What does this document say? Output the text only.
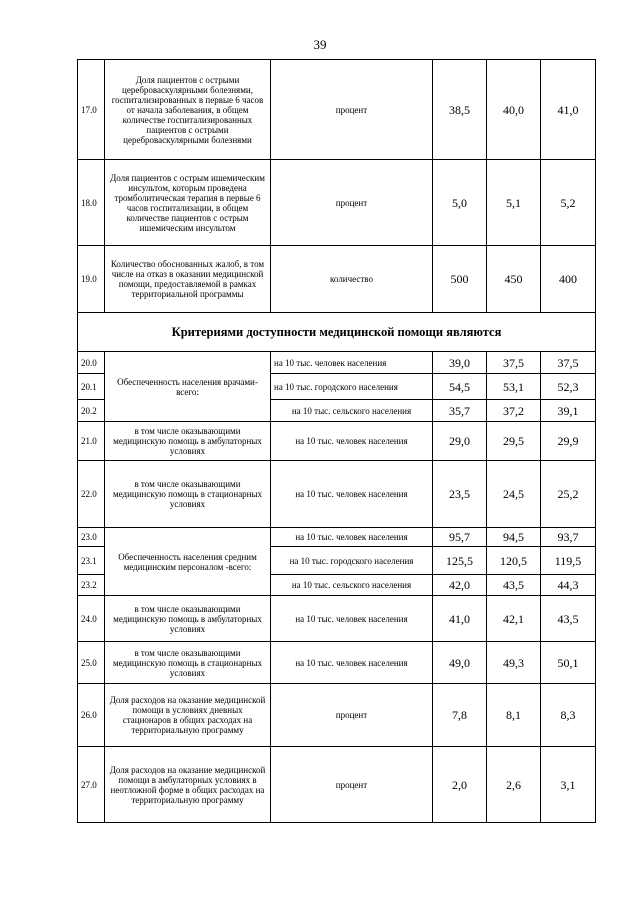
39
17.0	Доля пациентов с острыми цереброваскулярными болезнями, госпитализированных в первые 6 часов от начала заболевания, в общем количестве госпитализированных пациентов с острыми цереброваскулярными болезнями	процент	38,5	40,0	41,0
18.0	Доля пациентов с острым ишемическим инсультом, которым проведена тромболитическая терапия в первые 6 часов госпитализации, в общем количестве пациентов с острым ишемическим инсультом	процент	5,0	5,1	5,2
19.0	Количество обоснованных жалоб, в том числе на отказ в оказании медицинской помощи, предоставляемой в рамках территориальной программы	количество	500	450	400
Критериями доступности медицинской помощи являются					
20.0	Обеспеченность населения врачами-всего:	на 10 тыс. человек населения	39,0	37,5	37,5
20.1		на 10 тыс. городского населения	54,5	53,1	52,3
20.2		на 10 тыс. сельского населения	35,7	37,2	39,1
21.0	в том числе оказывающими медицинскую помощь в амбулаторных условиях	на 10 тыс. человек населения	29,0	29,5	29,9
22.0	в том числе оказывающими медицинскую помощь в стационарных условиях	на 10 тыс. человек населения	23,5	24,5	25,2
23.0	Обеспеченность населения средним медицинским персоналом -всего:	на 10 тыс. человек населения	95,7	94,5	93,7
23.1		на 10 тыс. городского населения	125,5	120,5	119,5
23.2		на 10 тыс. сельского населения	42,0	43,5	44,3
24.0	в том числе оказывающими медицинскую помощь в амбулаторных условиях	на 10 тыс. человек населения	41,0	42,1	43,5
25.0	в том числе оказывающими медицинскую помощь в стационарных условиях	на 10 тыс. человек населения	49,0	49,3	50,1
26.0	Доля расходов на оказание медицинской помощи в условиях дневных стационаров в общих расходах на территориальную программу	процент	7,8	8,1	8,3
27.0	Доля расходов на оказание медицинской помощи в амбулаторных условиях в неотложной форме в общих расходах на территориальную программу	процент	2,0	2,6	3,1
